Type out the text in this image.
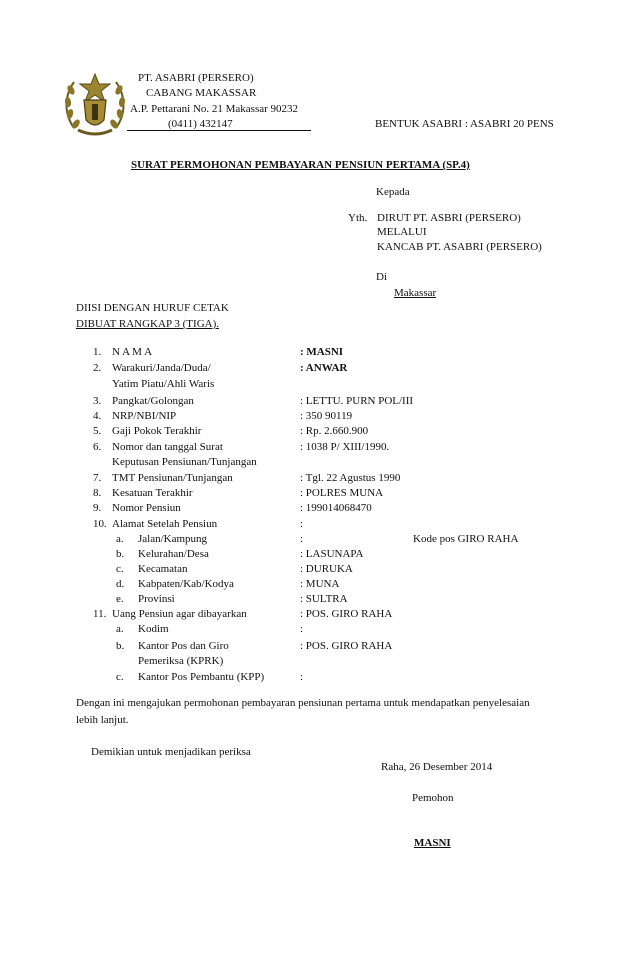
PT. ASABRI (PERSERO)
CABANG MAKASSAR
A.P. Pettarani No. 21 Makassar 90232
(0411) 432147	BENTUK ASABRI : ASABRI 20 PENS
SURAT PERMOHONAN PEMBAYARAN PENSIUN PERTAMA (SP.4)
Kepada
Yth. DIRUT PT. ASBRI (PERSERO)
MELALUI
KANCAB PT. ASABRI (PERSERO)
Di
Makassar
DIISI DENGAN HURUF CETAK
DIBUAT RANGKAP 3 (TIGA).
1. N A M A	: MASNI
2. Warakuri/Janda/Duda/
Yatim Piatu/Ahli Waris
: ANWAR
3. Pangkat/Golongan	: LETTU. PURN POL/III
4. NRP/NBI/NIP	: 350 90119
5. Gaji Pokok Terakhir	: Rp. 2.660.900
6. Nomor dan tanggal Surat
Keputusan Pensiunan/Tunjangan
: 1038 P/ XIII/1990.
7. TMT Pensiunan/Tunjangan	: Tgl. 22 Agustus 1990
8. Kesatuan Terakhir	: POLRES MUNA
9. Nomor Pensiun	: 199014068470
10. Alamat Setelah Pensiun	:
a. Jalan/Kampung	:	Kode pos GIRO RAHA
b. Kelurahan/Desa	: LASUNAPA
c. Kecamatan	: DURUKA
d. Kabpaten/Kab/Kodya	: MUNA
e. Provinsi	: SULTRA
11. Uang Pensiun agar dibayarkan	: POS. GIRO RAHA
a. Kodim	:
b. Kantor Pos dan Giro
Pemeriksa (KPRK)
: POS. GIRO RAHA
c. Kantor Pos Pembantu (KPP)	:
Dengan ini mengajukan permohonan pembayaran pensiunan pertama untuk mendapatkan penyelesaian
lebih lanjut.
Demikian untuk menjadikan periksa
Raha, 26 Desember 2014
Pemohon
MASNI
